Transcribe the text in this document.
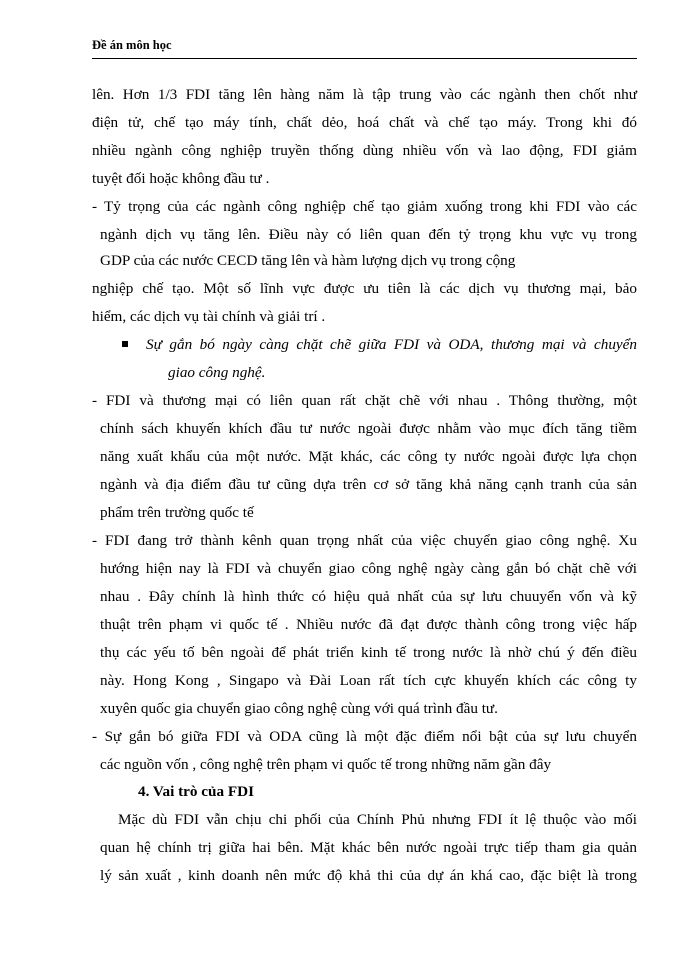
Đề án môn học
lên. Hơn 1/3 FDI tăng lên hàng năm là tập trung vào các ngành then chốt như
điện tử, chế tạo máy tính, chất dẻo, hoá chất và chế tạo máy. Trong khi đó
nhiều ngành công nghiệp truyền thống dùng nhiều vốn và lao động, FDI giảm
tuyệt đối hoặc không đầu tư .
- Tỷ trọng của các ngành công nghiệp chế tạo giảm xuống trong khi FDI vào các
ngành dịch vụ tăng lên. Điều này có liên quan đến tỷ trọng khu vực vụ trong
GDP của các nước CECD tăng lên và hàm lượng dịch vụ trong cộng
nghiệp chế tạo. Một số lĩnh vực được ưu tiên là các dịch vụ thương mại, bảo
hiểm, các dịch vụ tài chính và giải trí .
Sự gắn bó ngày càng chặt chẽ giữa FDI và ODA, thương mại và chuyển
giao công nghệ.
- FDI và thương mại có liên quan rất chặt chẽ với nhau . Thông thường, một
chính sách khuyến khích đầu tư nước ngoài được nhằm vào mục đích tăng tiềm
năng xuất khẩu của một nước. Mặt khác, các công ty nước ngoài được lựa chọn
ngành và địa điểm đầu tư cũng dựa trên cơ sở tăng khả năng cạnh tranh của sản
phẩm trên trường quốc tế
- FDI đang trở thành kênh quan trọng nhất của việc chuyển giao công nghệ. Xu
hướng hiện nay là FDI và chuyển giao công nghệ ngày càng gắn bó chặt chẽ với
nhau . Đây chính là hình thức có hiệu quả nhất của sự lưu chuuyển vốn và kỹ
thuật trên phạm vi quốc tế . Nhiều nước đã đạt được thành công trong việc hấp
thụ các yếu tố bên ngoài để phát triển kinh tế trong nước là nhờ chú ý đến điều
này. Hong Kong , Singapo và Đài Loan rất tích cực khuyến khích các công ty
xuyên quốc gia chuyển giao công nghệ cùng với quá trình đầu tư.
- Sự gắn bó giữa FDI và ODA cũng là một đặc điểm nổi bật của sự lưu chuyển
các nguồn vốn , công nghệ trên phạm vi quốc tế trong những năm gần đây
4. Vai trò của FDI
Mặc dù FDI vẫn chịu chi phối của Chính Phủ nhưng FDI ít lệ thuộc vào mối
quan hệ chính trị giữa hai bên. Mặt khác bên nước ngoài trực tiếp tham gia quản
lý sản xuất , kinh doanh nên mức độ khả thi của dự án khá cao, đặc biệt là trong
